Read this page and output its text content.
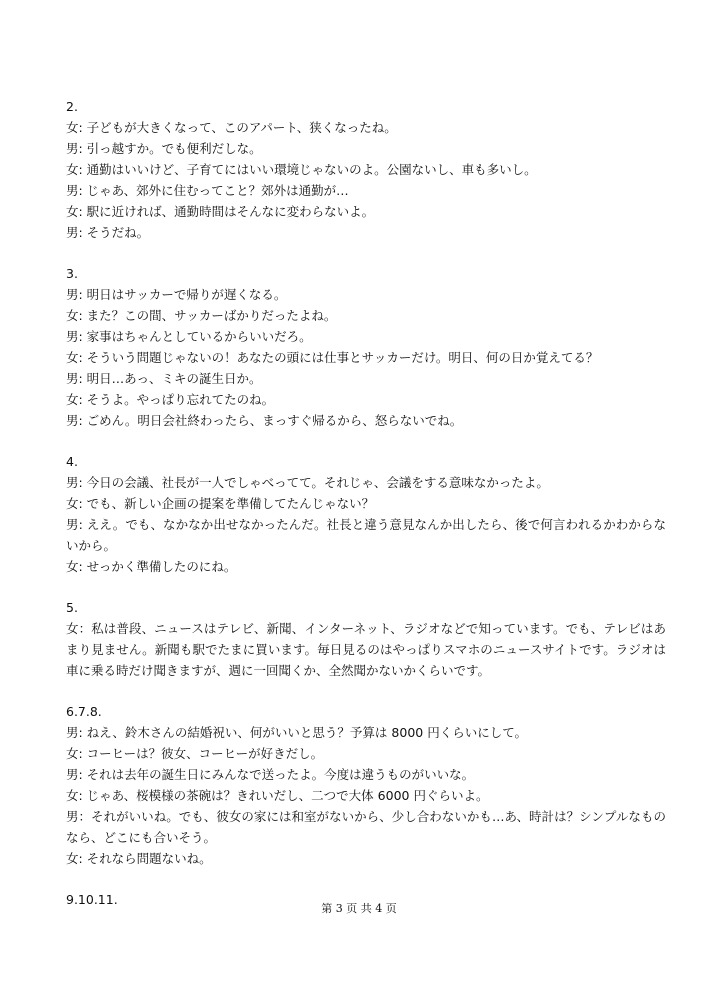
2.
女: 子どもが大きくなって、このアパート、狭くなったね。
男: 引っ越すか。でも便利だしな。
女: 通勤はいいけど、子育てにはいい環境じゃないのよ。公園ないし、車も多いし。
男: じゃあ、郊外に住むってこと？郊外は通勤が…
女: 駅に近ければ、通勤時間はそんなに変わらないよ。
男: そうだね。
3.
男: 明日はサッカーで帰りが遅くなる。
女: また？この間、サッカーばかりだったよね。
男: 家事はちゃんとしているからいいだろ。
女: そういう問題じゃないの！あなたの頭には仕事とサッカーだけ。明日、何の日か覚えてる？
男: 明日…あっ、ミキの誕生日か。
女: そうよ。やっぱり忘れてたのね。
男: ごめん。明日会社終わったら、まっすぐ帰るから、怒らないでね。
4.
男: 今日の会議、社長が一人でしゃべってて。それじゃ、会議をする意味なかったよ。
女: でも、新しい企画の提案を準備してたんじゃない？
男: ええ。でも、なかなか出せなかったんだ。社長と違う意見なんか出したら、後で何言われるかわからないから。
女: せっかく準備したのにね。
5.
女：私は普段、ニュースはテレビ、新聞、インターネット、ラジオなどで知っています。でも、テレビはあまり見ません。新聞も駅でたまに買います。毎日見るのはやっぱりスマホのニュースサイトです。ラジオは車に乗る時だけ聞きますが、週に一回聞くか、全然聞かないかくらいです。
6.7.8.
男: ねえ、鈴木さんの結婚祝い、何がいいと思う？予算は 8000 円くらいにして。
女: コーヒーは？彼女、コーヒーが好きだし。
男: それは去年の誕生日にみんなで送ったよ。今度は違うものがいいな。
女: じゃあ、桜模様の茶碗は？きれいだし、二つで大体 6000 円ぐらいよ。
男：それがいいね。でも、彼女の家には和室がないから、少し合わないかも…あ、時計は？シンプルなものなら、どこにも合いそう。
女: それなら問題ないね。
9.10.11.
第 3 页 共 4 页
